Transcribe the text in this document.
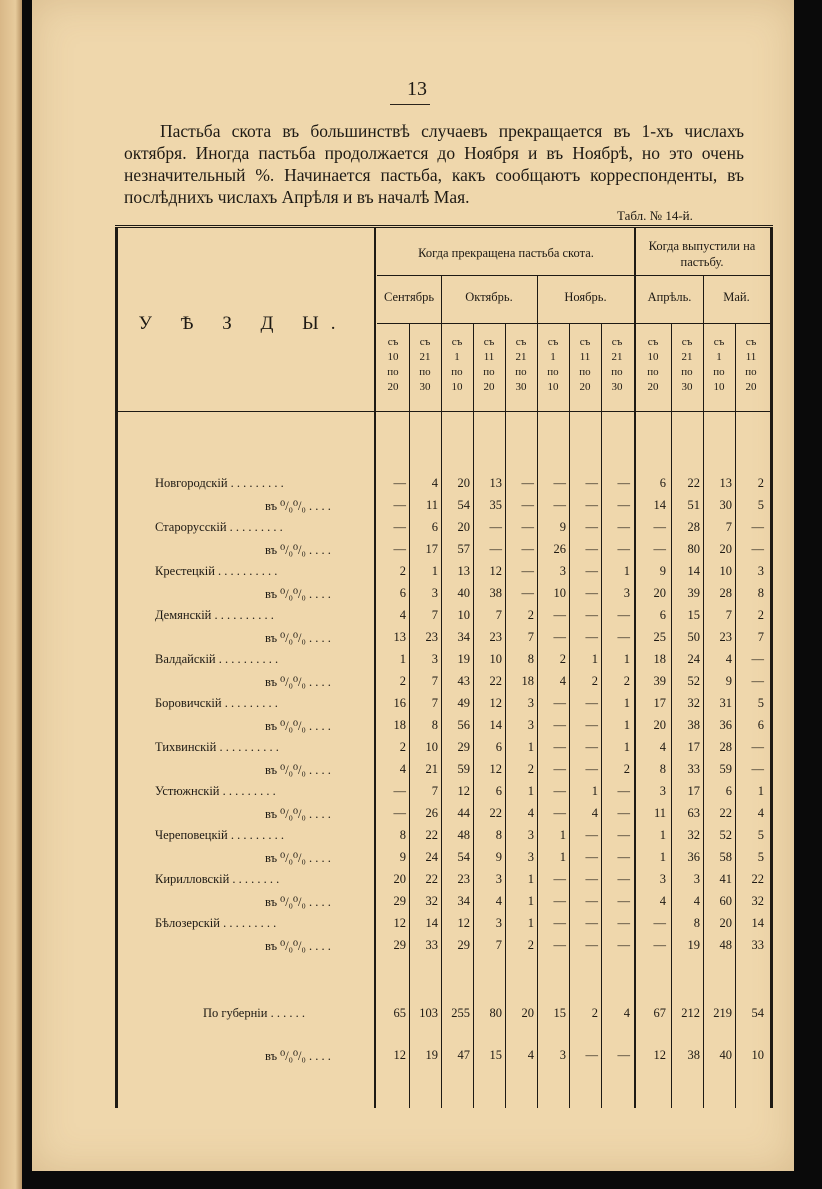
13

Пастьба скота въ большинствѣ случаевъ прекращается въ 1-хъ числахъ октября. Иногда пастьба продолжается до Ноября и въ Ноябрѣ, но это очень незначительный %. Начинается пастьба, какъ сообщаютъ корреспонденты, въ послѣднихъ числахъ Апрѣля и въ началѣ Мая.

Табл. № 14-й.
У Ѣ З Д Ы.
Когда прекращена пастьба скота.	Когда выпустили на пастьбу.
Сентябрь	Октябрь.	Ноябрь.	Апрѣль.	Май.
съ
10
по
20
съ
21
по
30
съ
1
по
10
съ
11
по
20
съ
21
по
30
съ
1
по
10
съ
11
по
20
съ
21
по
30
съ
10
по
20
съ
21
по
30
съ
1
по
10
съ
11
по
20
Новгородскій . . . . . . . . .	—	4	20	13	—	—	—	—	6	22	13	2
въ ⁰/₀⁰/₀ . . . .	—	11	54	35	—	—	—	—	14	51	30	5
Старорусскій . . . . . . . . .	—	6	20	—	—	9	—	—	—	28	7	—
въ ⁰/₀⁰/₀ . . . .	—	17	57	—	—	26	—	—	—	80	20	—
Крестецкій . . . . . . . . . .	2	1	13	12	—	3	—	1	9	14	10	3
въ ⁰/₀⁰/₀ . . . .	6	3	40	38	—	10	—	3	20	39	28	8
Демянскій . . . . . . . . . .	4	7	10	7	2	—	—	—	6	15	7	2
въ ⁰/₀⁰/₀ . . . .	13	23	34	23	7	—	—	—	25	50	23	7
Валдайскій . . . . . . . . . .	1	3	19	10	8	2	1	1	18	24	4	—
въ ⁰/₀⁰/₀ . . . .	2	7	43	22	18	4	2	2	39	52	9	—
Боровичскій . . . . . . . . .	16	7	49	12	3	—	—	1	17	32	31	5
въ ⁰/₀⁰/₀ . . . .	18	8	56	14	3	—	—	1	20	38	36	6
Тихвинскій . . . . . . . . . .	2	10	29	6	1	—	—	1	4	17	28	—
въ ⁰/₀⁰/₀ . . . .	4	21	59	12	2	—	—	2	8	33	59	—
Устюжнскій . . . . . . . . .	—	7	12	6	1	—	1	—	3	17	6	1
въ ⁰/₀⁰/₀ . . . .	—	26	44	22	4	—	4	—	11	63	22	4
Череповецкій . . . . . . . . .	8	22	48	8	3	1	—	—	1	32	52	5
въ ⁰/₀⁰/₀ . . . .	9	24	54	9	3	1	—	—	1	36	58	5
Кирилловскій . . . . . . . .	20	22	23	3	1	—	—	—	3	3	41	22
въ ⁰/₀⁰/₀ . . . .	29	32	34	4	1	—	—	—	4	4	60	32
Бѣлозерскій . . . . . . . . .	12	14	12	3	1	—	—	—	—	8	20	14
въ ⁰/₀⁰/₀ . . . .	29	33	29	7	2	—	—	—	—	19	48	33
По губерніи . . . . . .	65	103	255	80	20	15	2	4	67	212	219	54
въ ⁰/₀⁰/₀ . . . .	12	19	47	15	4	3	—	—	12	38	40	10
